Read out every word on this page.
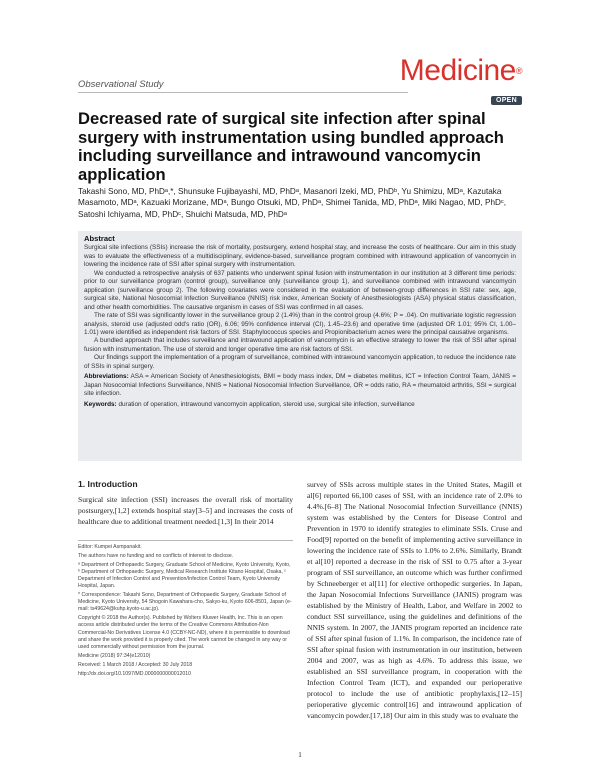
Observational Study	Medicine®
OPEN
Decreased rate of surgical site infection after spinal surgery with instrumentation using bundled approach including surveillance and intrawound vancomycin application
Takashi Sono, MD, PhDᵃ,*, Shunsuke Fujibayashi, MD, PhDᵃ, Masanori Izeki, MD, PhDᵇ, Yu Shimizu, MDᵃ, Kazutaka Masamoto, MDᵃ, Kazuaki Morizane, MDᵃ, Bungo Otsuki, MD, PhDᵃ, Shimei Tanida, MD, PhDᵃ, Miki Nagao, MD, PhDᶜ, Satoshi Ichiyama, MD, PhDᶜ, Shuichi Matsuda, MD, PhDᵃ
Abstract

Surgical site infections (SSIs) increase the risk of mortality, postsurgery, extend hospital stay, and increase the costs of healthcare. Our aim in this study was to evaluate the effectiveness of a multidisciplinary, evidence-based, surveillance program combined with intrawound application of vancomycin in lowering the incidence rate of SSI after spinal surgery with instrumentation.

We conducted a retrospective analysis of 637 patients who underwent spinal fusion with instrumentation in our institution at 3 different time periods: prior to our surveillance program (control group), surveillance only (surveillance group 1), and surveillance combined with intrawound vancomycin application (surveillance group 2). The following covariates were considered in the evaluation of between-group differences in SSI rate: sex, age, surgical site, National Nosocomial Infection Surveillance (NNIS) risk index, American Society of Anesthesiologists (ASA) physical status classification, and other health comorbidities. The causative organism in cases of SSI was confirmed in all cases.

The rate of SSI was significantly lower in the surveillance group 2 (1.4%) than in the control group (4.6%; P = .04). On multivariate logistic regression analysis, steroid use (adjusted odd's ratio (OR), 6.06; 95% confidence interval (CI), 1.45–23.6) and operative time (adjusted OR 1.01; 95% CI, 1.00–1.01) were identified as independent risk factors of SSI. Staphylococcus species and Propionibacterium acnes were the principal causative organisms.

A bundled approach that includes surveillance and intrawound application of vancomycin is an effective strategy to lower the risk of SSI after spinal fusion with instrumentation. The use of steroid and longer operative time are risk factors of SSI.

Our findings support the implementation of a program of surveillance, combined with intrawound vancomycin application, to reduce the incidence rate of SSIs in spinal surgery.

Abbreviations: ASA = American Society of Anesthesiologists, BMI = body mass index, DM = diabetes mellitus, ICT = Infection Control Team, JANIS = Japan Nosocomial Infections Surveillance, NNIS = National Nosocomial Infection Surveillance, OR = odds ratio, RA = rheumatoid arthritis, SSI = surgical site infection.

Keywords: duration of operation, intrawound vancomycin application, steroid use, surgical site infection, surveillance

1. Introduction

Surgical site infection (SSI) increases the overall risk of mortality postsurgery,[1,2] extends hospital stay[3–5] and increases the costs of healthcare due to additional treatment needed.[1,3] In their 2014

Editor: Kumpei Asmpanakit.

The authors have no funding and no conflicts of interest to disclose.

ᵃ Department of Orthopaedic Surgery, Graduate School of Medicine, Kyoto University, Kyoto, ᵇ Department of Orthopaedic Surgery, Medical Research Institute Kitano Hospital, Osaka, ᶜ Department of Infection Control and Prevention/Infection Control Team, Kyoto University Hospital, Japan.

* Correspondence: Takashi Sono, Department of Orthopaedic Surgery, Graduate School of Medicine, Kyoto University, 54 Shogoin Kawahara-cho, Sakyo-ku, Kyoto 606-8501, Japan (e-mail: ts49624@kuhp.kyoto-u.ac.jp).

Copyright © 2018 the Author(s). Published by Wolters Kluwer Health, Inc. This is an open access article distributed under the terms of the Creative Commons Attribution-Non Commercial-No Derivatives License 4.0 (CCBY-NC-ND), where it is permissible to download and share the work provided it is properly cited. The work cannot be changed in any way or used commercially without permission from the journal.

Medicine (2018) 97:34(e12010)

Received: 1 March 2018 / Accepted: 30 July 2018

http://dx.doi.org/10.1097/MD.0000000000012010

survey of SSIs across multiple states in the United States, Magill et al[6] reported 66,100 cases of SSI, with an incidence rate of 2.0% to 4.4%.[6–8] The National Nosocomial Infection Surveillance (NNIS) system was established by the Centers for Disease Control and Prevention in 1970 to identify strategies to eliminate SSIs. Cruse and Food[9] reported on the benefit of implementing active surveillance in lowering the incidence rate of SSIs to 1.0% to 2.6%. Similarly, Brandt et al[10] reported a decrease in the risk of SSI to 0.75 after a 3-year program of SSI surveillance, an outcome which was further confirmed by Schneeberger et al[11] for elective orthopedic surgeries. In Japan, the Japan Nosocomial Infections Surveillance (JANIS) program was established by the Ministry of Health, Labor, and Welfare in 2002 to conduct SSI surveillance, using the guidelines and definitions of the NNIS system. In 2007, the JANIS program reported an incidence rate of SSI after spinal fusion of 1.1%. In comparison, the incidence rate of SSI after spinal fusion with instrumentation in our institution, between 2004 and 2007, was as high as 4.6%. To address this issue, we established an SSI surveillance program, in cooperation with the Infection Control Team (ICT), and expanded our perioperative protocol to include the use of antibiotic prophylaxis,[12–15] perioperative glycemic control[16] and intrawound application of vancomycin powder.[17,18] Our aim in this study was to evaluate the

1
